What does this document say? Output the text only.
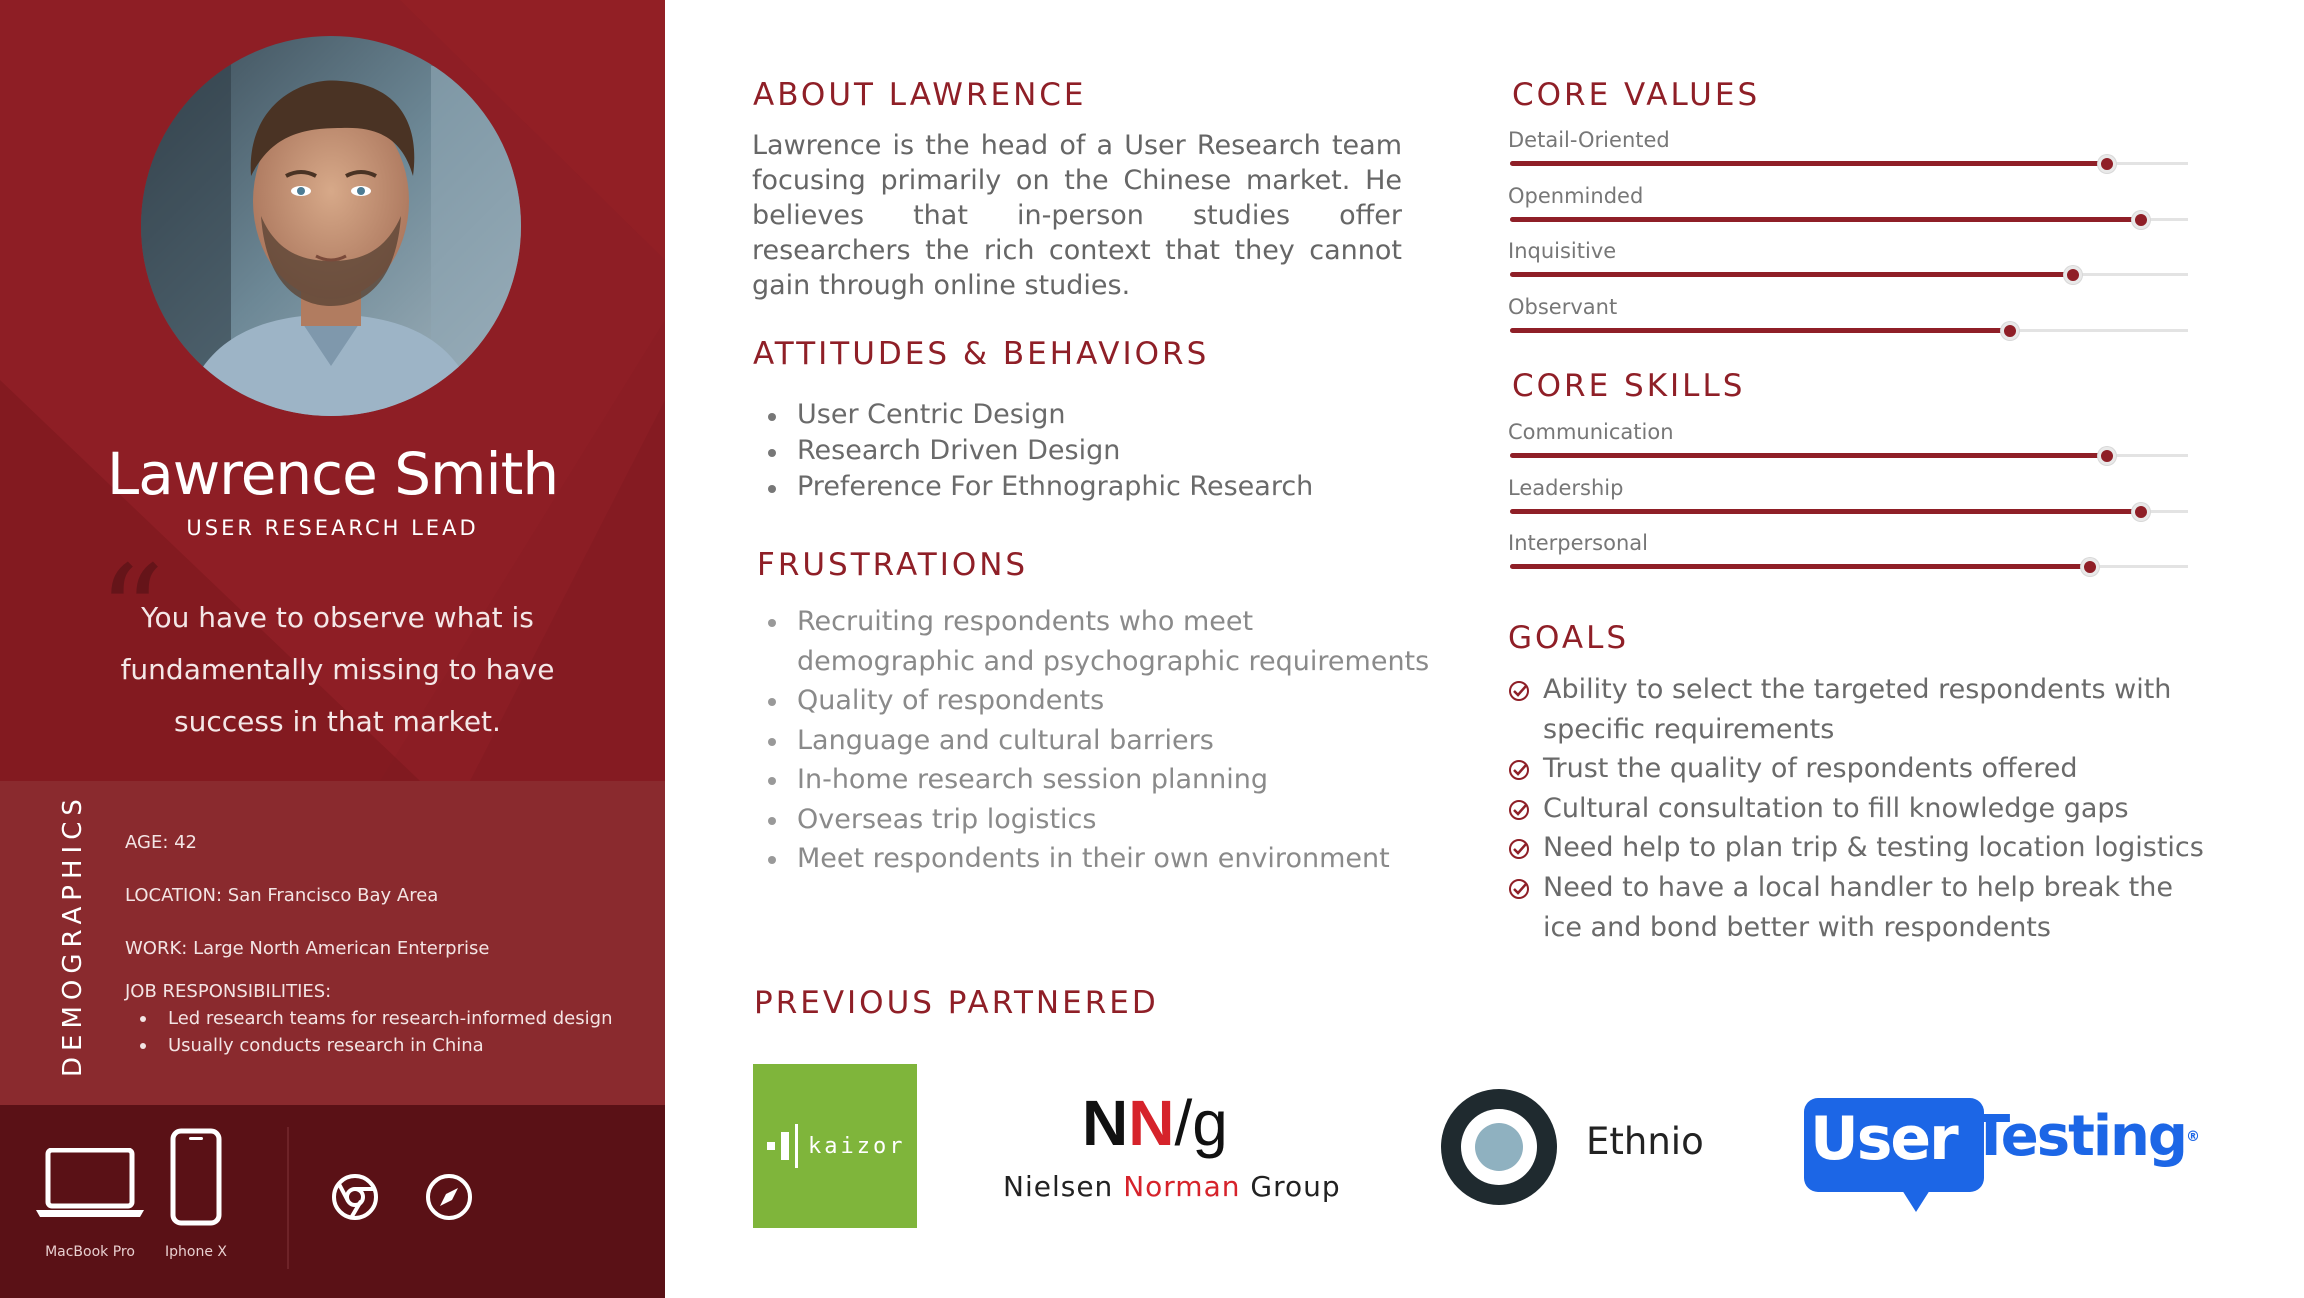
Lawrence Smith
USER RESEARCH LEAD
“
You have to observe what is fundamentally missing to have success in that market.
DEMOGRAPHICS AGE: 42
LOCATION: San Francisco Bay Area
WORK: Large North American Enterprise
JOB RESPONSIBILITIES:
Led research teams for research-informed design
Usually conducts research in China
MacBook Pro	Iphone X
ABOUT LAWRENCE
Lawrence is the head of a User Research team focusing primarily on the Chinese market. He believes that in-person studies offer researchers the rich context that they cannot gain through online studies.
ATTITUDES & BEHAVIORS
User Centric Design
Research Driven Design
Preference For Ethnographic Research
FRUSTRATIONS
Recruiting respondents who meet
demographic and psychographic requirements
Quality of respondents
Language and cultural barriers
In-home research session planning
Overseas trip logistics
Meet respondents in their own environment
CORE VALUES
Detail-Oriented
Openminded
Inquisitive
Observant
CORE SKILLS
Communication
Leadership
Interpersonal
GOALS
Ability to select the targeted respondents with specific requirements
Trust the quality of respondents offered
Cultural consultation to fill knowledge gaps
Need help to plan trip & testing location logistics
Need to have a local handler to help break the ice and bond better with respondents
PREVIOUS PARTNERED
kaizor	NN/g
Nielsen Norman Group
Ethnio User Testing®
